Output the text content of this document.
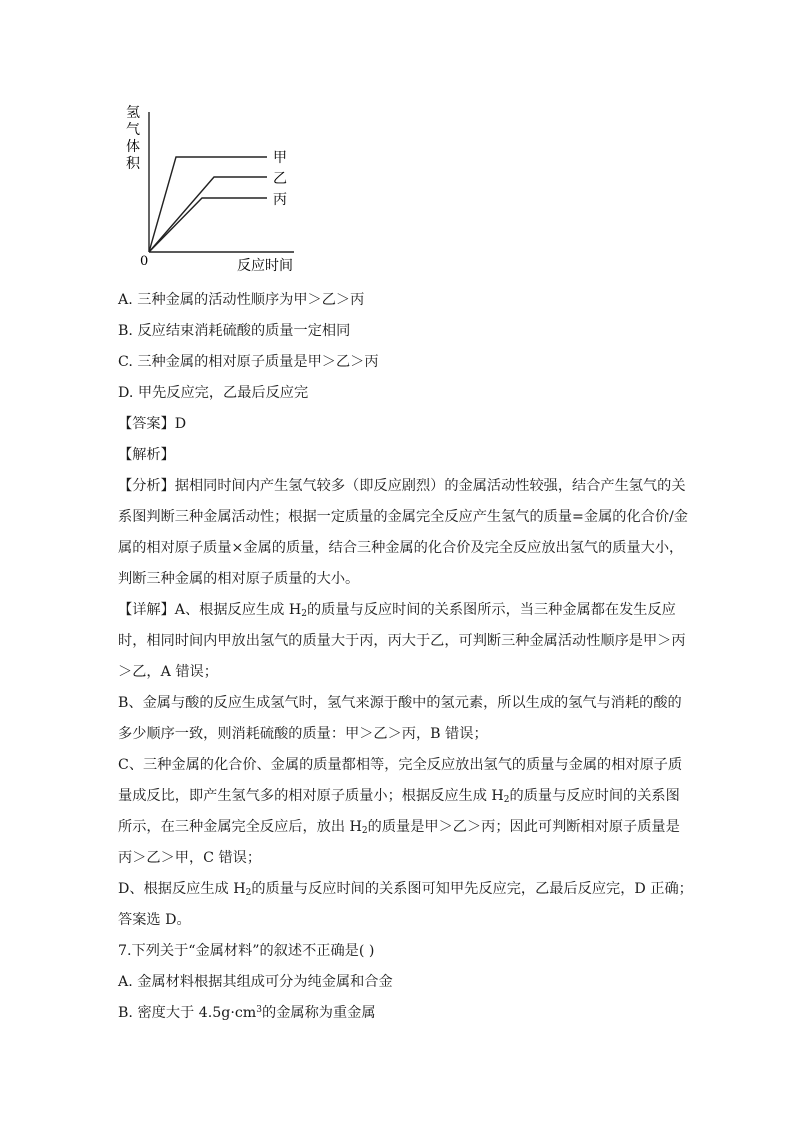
氢
气
体
积
0	反应时间
甲
乙
丙
A. 三种金属的活动性顺序为甲＞乙＞丙
B. 反应结束消耗硫酸的质量一定相同
C. 三种金属的相对原子质量是甲＞乙＞丙
D. 甲先反应完，乙最后反应完
【答案】D
【解析】
【分析】据相同时间内产生氢气较多（即反应剧烈）的金属活动性较强，结合产生氢气的关
系图判断三种金属活动性；根据一定质量的金属完全反应产生氢气的质量=金属的化合价/金
属的相对原子质量×金属的质量，结合三种金属的化合价及完全反应放出氢气的质量大小，
判断三种金属的相对原子质量的大小。
【详解】A、根据反应生成 $H_2$的质量与反应时间的关系图所示，当三种金属都在发生反应
时，相同时间内甲放出氢气的质量大于丙，丙大于乙，可判断三种金属活动性顺序是甲＞丙
＞乙，A 错误；
B、金属与酸的反应生成氢气时，氢气来源于酸中的氢元素，所以生成的氢气与消耗的酸的
多少顺序一致，则消耗硫酸的质量：甲＞乙＞丙，B 错误；
C、三种金属的化合价、金属的质量都相等，完全反应放出氢气的质量与金属的相对原子质
量成反比，即产生氢气多的相对原子质量小；根据反应生成 $H_2$的质量与反应时间的关系图
所示，在三种金属完全反应后，放出 $H_2$的质量是甲＞乙＞丙；因此可判断相对原子质量是
丙＞乙＞甲，C 错误；
D、根据反应生成 $H_2$的质量与反应时间的关系图可知甲先反应完，乙最后反应完，D 正确；
答案选 D。
7.下列关于“金属材料”的叙述不正确是( )
A. 金属材料根据其组成可分为纯金属和合金
B. 密度大于 $4.5g\cdot cm^3$的金属称为重金属
